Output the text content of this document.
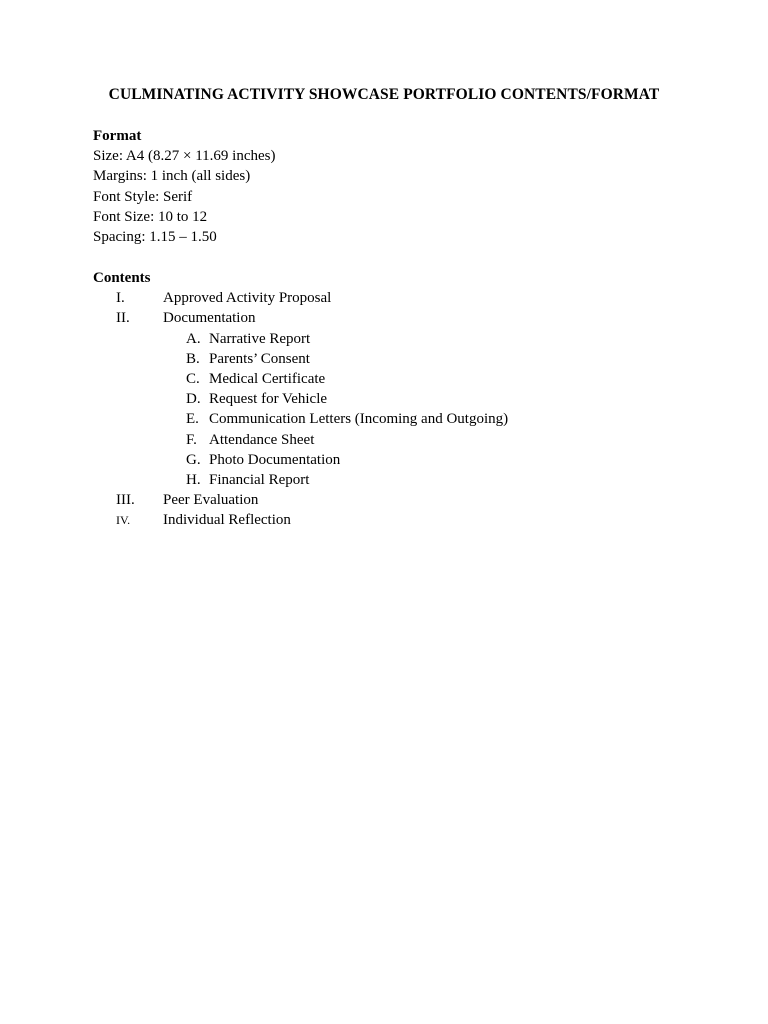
CULMINATING ACTIVITY SHOWCASE PORTFOLIO CONTENTS/FORMAT
Format
Size: A4 (8.27 × 11.69 inches)
Margins: 1 inch (all sides)
Font Style: Serif
Font Size: 10 to 12
Spacing: 1.15 – 1.50
Contents
I.	Approved Activity Proposal
II. Documentation
A. Narrative Report
B. Parents’ Consent
C. Medical Certificate
D. Request for Vehicle
E. Communication Letters (Incoming and Outgoing)
F. Attendance Sheet
G. Photo Documentation
H. Financial Report
III. Peer Evaluation
IV. Individual Reflection
